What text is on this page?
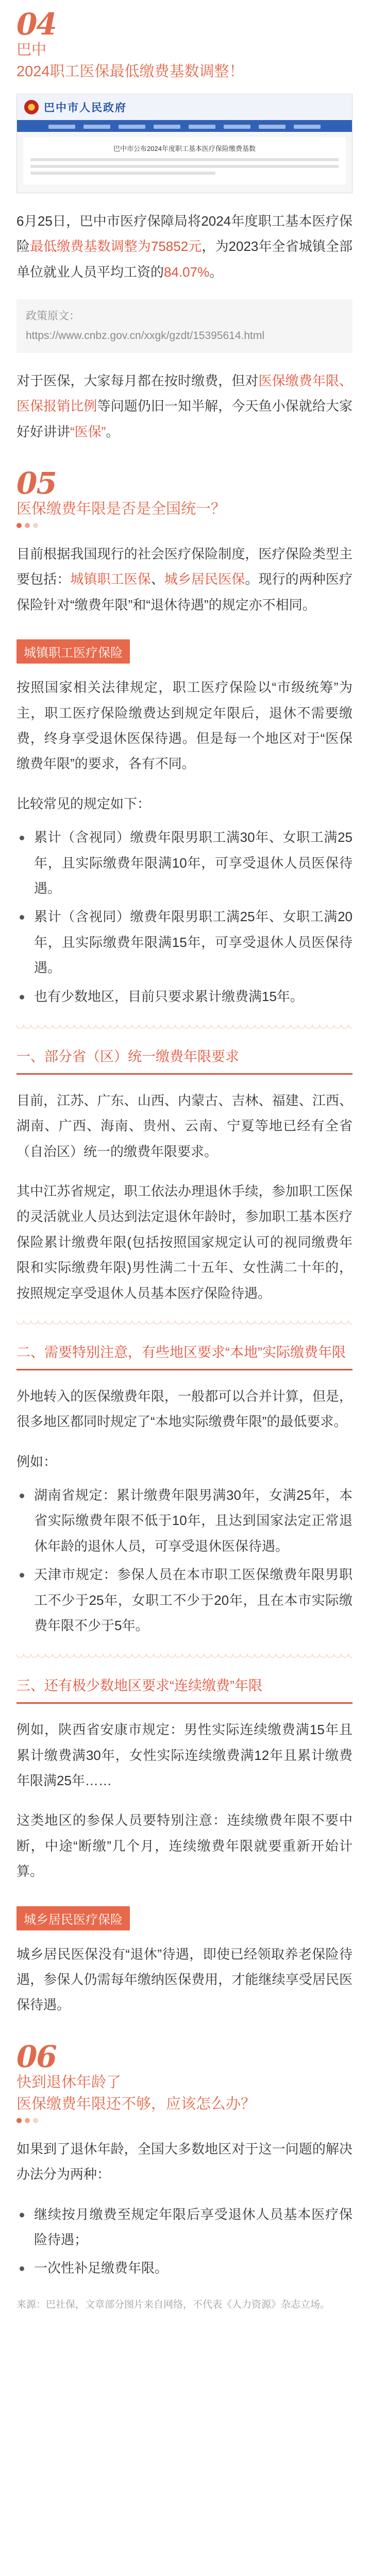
04
巴中
2024职工医保最低缴费基数调整！
巴中市人民政府
巴中市公布2024年度职工基本医疗保险缴费基数

6月25日，巴中市医疗保障局将2024年度职工基本医疗保险最低缴费基数调整为75852元，为2023年全省城镇全部单位就业人员平均工资的84.07%。

政策原文：
https://www.cnbz.gov.cn/xxgk/gzdt/15395614.html

对于医保，大家每月都在按时缴费，但对医保缴费年限、医保报销比例等问题仍旧一知半解，今天鱼小保就给大家好好讲讲“医保”。

05
医保缴费年限是否是全国统一？

目前根据我国现行的社会医疗保险制度，医疗保险类型主要包括：城镇职工医保、城乡居民医保。现行的两种医疗保险针对“缴费年限”和“退休待遇”的规定亦不相同。

城镇职工医疗保险

按照国家相关法律规定，职工医疗保险以“市级统筹”为主，职工医疗保险缴费达到规定年限后，退休不需要缴费，终身享受退休医保待遇。但是每一个地区对于“医保缴费年限”的要求，各有不同。

比较常见的规定如下：

累计（含视同）缴费年限男职工满30年、女职工满25年，且实际缴费年限满10年，可享受退休人员医保待遇。
累计（含视同）缴费年限男职工满25年、女职工满20年，且实际缴费年限满15年，可享受退休人员医保待遇。
也有少数地区，目前只要求累计缴费满15年。
一、部分省（区）统一缴费年限要求

目前，江苏、广东、山西、内蒙古、吉林、福建、江西、湖南、广西、海南、贵州、云南、宁夏等地已经有全省（自治区）统一的缴费年限要求。

其中江苏省规定，职工依法办理退休手续，参加职工医保的灵活就业人员达到法定退休年龄时，参加职工基本医疗保险累计缴费年限(包括按照国家规定认可的视同缴费年限和实际缴费年限)男性满二十五年、女性满二十年的，按照规定享受退休人员基本医疗保险待遇。

二、需要特别注意，有些地区要求“本地”实际缴费年限

外地转入的医保缴费年限，一般都可以合并计算，但是，很多地区都同时规定了“本地实际缴费年限”的最低要求。

例如：

湖南省规定：累计缴费年限男满30年，女满25年，本省实际缴费年限不低于10年，且达到国家法定正常退休年龄的退休人员，可享受退休医保待遇。
天津市规定：参保人员在本市职工医保缴费年限男职工不少于25年，女职工不少于20年，且在本市实际缴费年限不少于5年。
三、还有极少数地区要求“连续缴费”年限

例如，陕西省安康市规定：男性实际连续缴费满15年且累计缴费满30年，女性实际连续缴费满12年且累计缴费年限满25年……

这类地区的参保人员要特别注意：连续缴费年限不要中断，中途“断缴”几个月，连续缴费年限就要重新开始计算。

城乡居民医疗保险

城乡居民医保没有“退休”待遇，即使已经领取养老保险待遇，参保人仍需每年缴纳医保费用，才能继续享受居民医保待遇。

06
快到退休年龄了
医保缴费年限还不够，应该怎么办？

如果到了退休年龄，全国大多数地区对于这一问题的解决办法分为两种：

继续按月缴费至规定年限后享受退休人员基本医疗保险待遇；
一次性补足缴费年限。
来源：巴社保，文章部分图片来自网络，不代表《人力资源》杂志立场。
